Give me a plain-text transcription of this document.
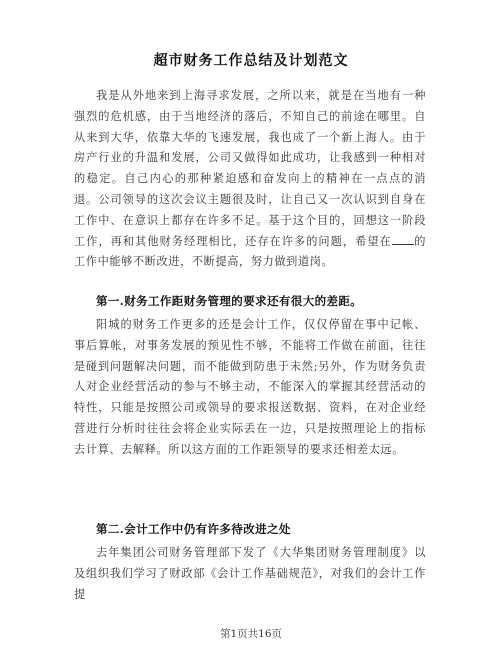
超市财务工作总结及计划范文

我是从外地来到上海寻求发展，之所以来，就是在当地有一种强烈的危机感，由于当地经济的落后，不知自己的前途在哪里。自从来到大华，依靠大华的飞速发展，我也成了一个新上海人。由于房产行业的升温和发展，公司又做得如此成功，让我感到一种相对的稳定。自己内心的那种紧迫感和奋发向上的精神在一点点的消退。公司领导的这次会议主题很及时，让自己又一次认识到自身在工作中、在意识上都存在许多不足。基于这个目的，回想这一阶段工作，再和其他财务经理相比，还存在许多的问题，希望在 的工作中能够不断改进，不断提高，努力做到道岗。

第一.财务工作距财务管理的要求还有很大的差距。

阳城的财务工作更多的还是会计工作，仅仅停留在事中记帐、事后算帐，对事务发展的预见性不够，不能将工作做在前面，往往是碰到问题解决问题，而不能做到防患于未然;另外，作为财务负责人对企业经营活动的参与不够主动，不能深入的掌握其经营活动的特性，只能是按照公司或领导的要求报送数据、资料，在对企业经营进行分析时往往会将企业实际丢在一边，只是按照理论上的指标去计算、去解释。所以这方面的工作距领导的要求还相差太远。

第二.会计工作中仍有许多待改进之处

去年集团公司财务管理部下发了《大华集团财务管理制度》以及组织我们学习了财政部《会计工作基础规范》，对我们的会计工作提

第1页共16页
